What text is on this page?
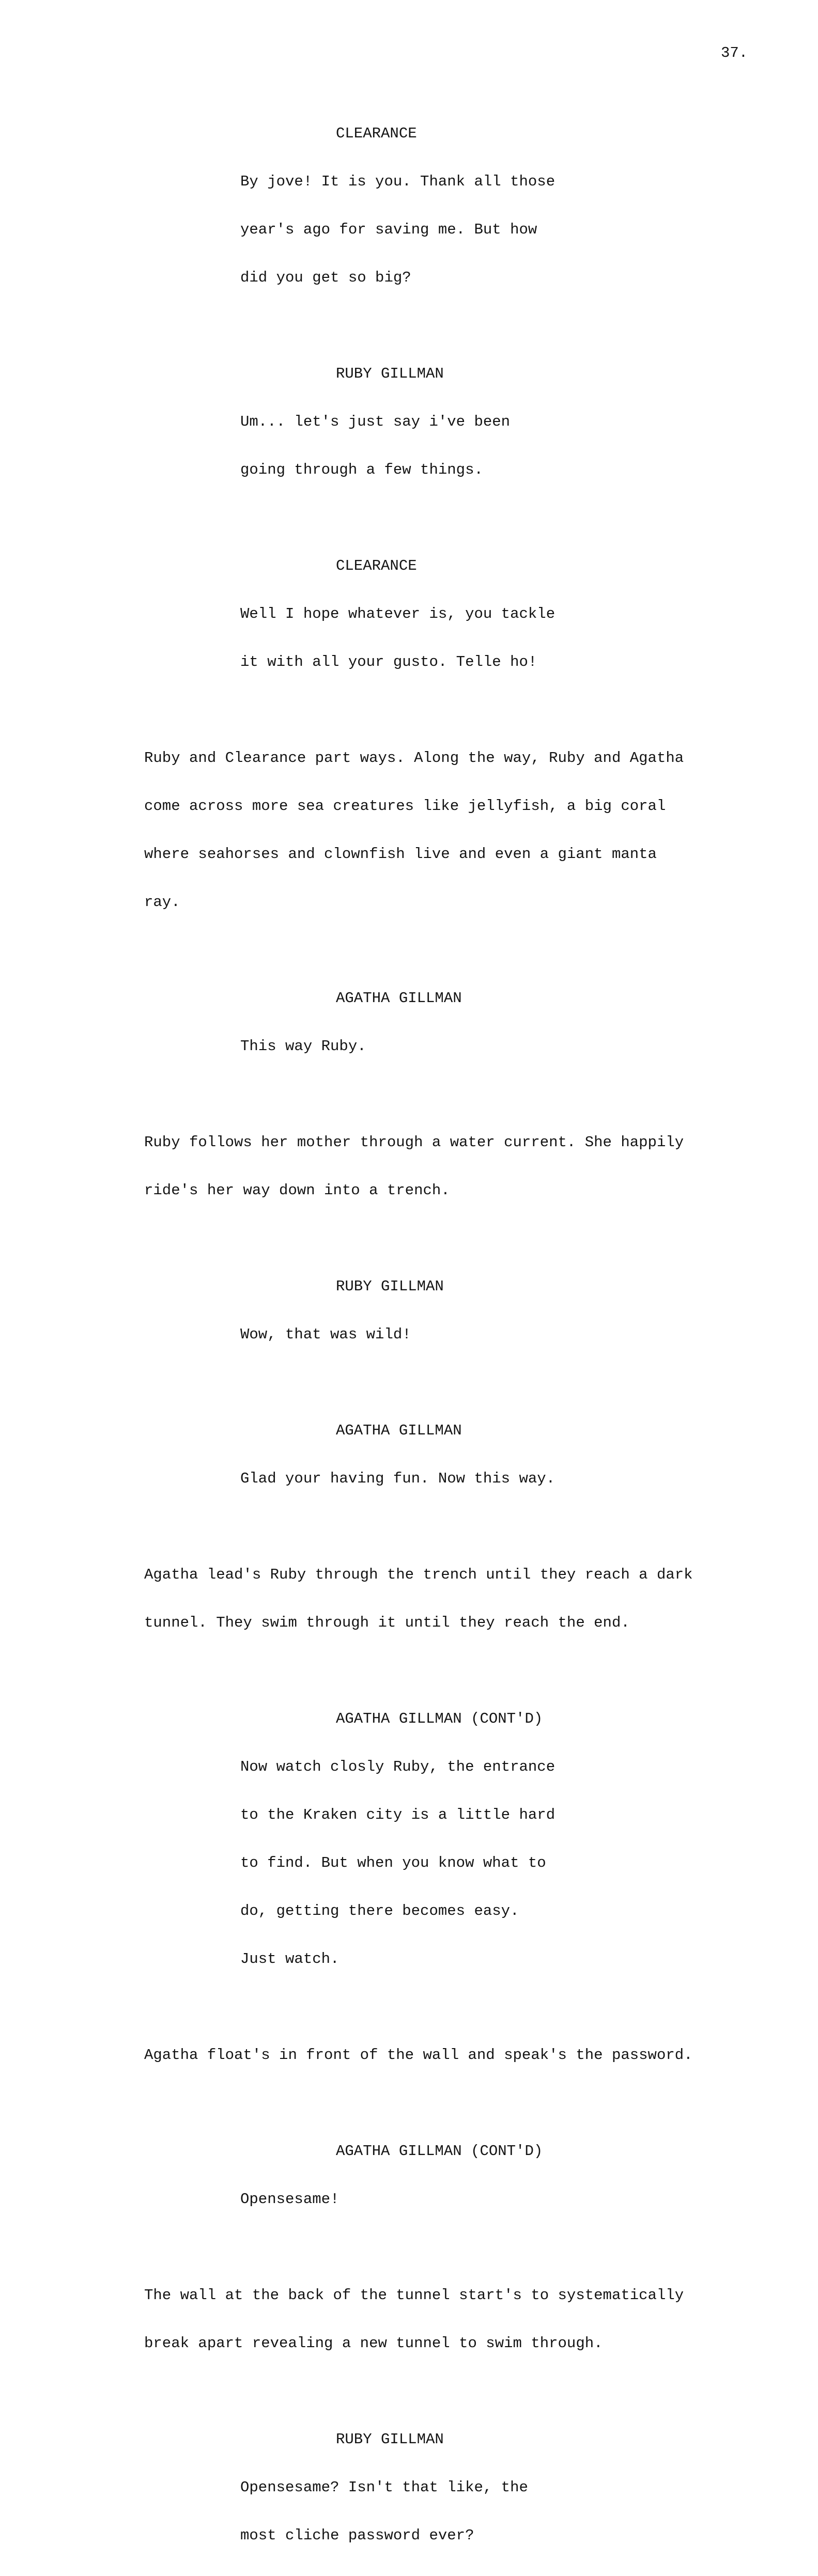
37.

CLEARANCE

By jove! It is you. Thank all those

year's ago for saving me. But how

did you get so big?

RUBY GILLMAN

Um... let's just say i've been

going through a few things.

CLEARANCE

Well I hope whatever is, you tackle

it with all your gusto. Telle ho!

Ruby and Clearance part ways. Along the way, Ruby and Agatha

come across more sea creatures like jellyfish, a big coral

where seahorses and clownfish live and even a giant manta

ray.

AGATHA GILLMAN

This way Ruby.

Ruby follows her mother through a water current. She happily

ride's her way down into a trench.

RUBY GILLMAN

Wow, that was wild!

AGATHA GILLMAN

Glad your having fun. Now this way.

Agatha lead's Ruby through the trench until they reach a dark

tunnel. They swim through it until they reach the end.

AGATHA GILLMAN (CONT'D)

Now watch closly Ruby, the entrance

to the Kraken city is a little hard

to find. But when you know what to

do, getting there becomes easy.

Just watch.

Agatha float's in front of the wall and speak's the password.

AGATHA GILLMAN (CONT'D)

Opensesame!

The wall at the back of the tunnel start's to systematically

break apart revealing a new tunnel to swim through.

RUBY GILLMAN

Opensesame? Isn't that like, the

most cliche password ever?
